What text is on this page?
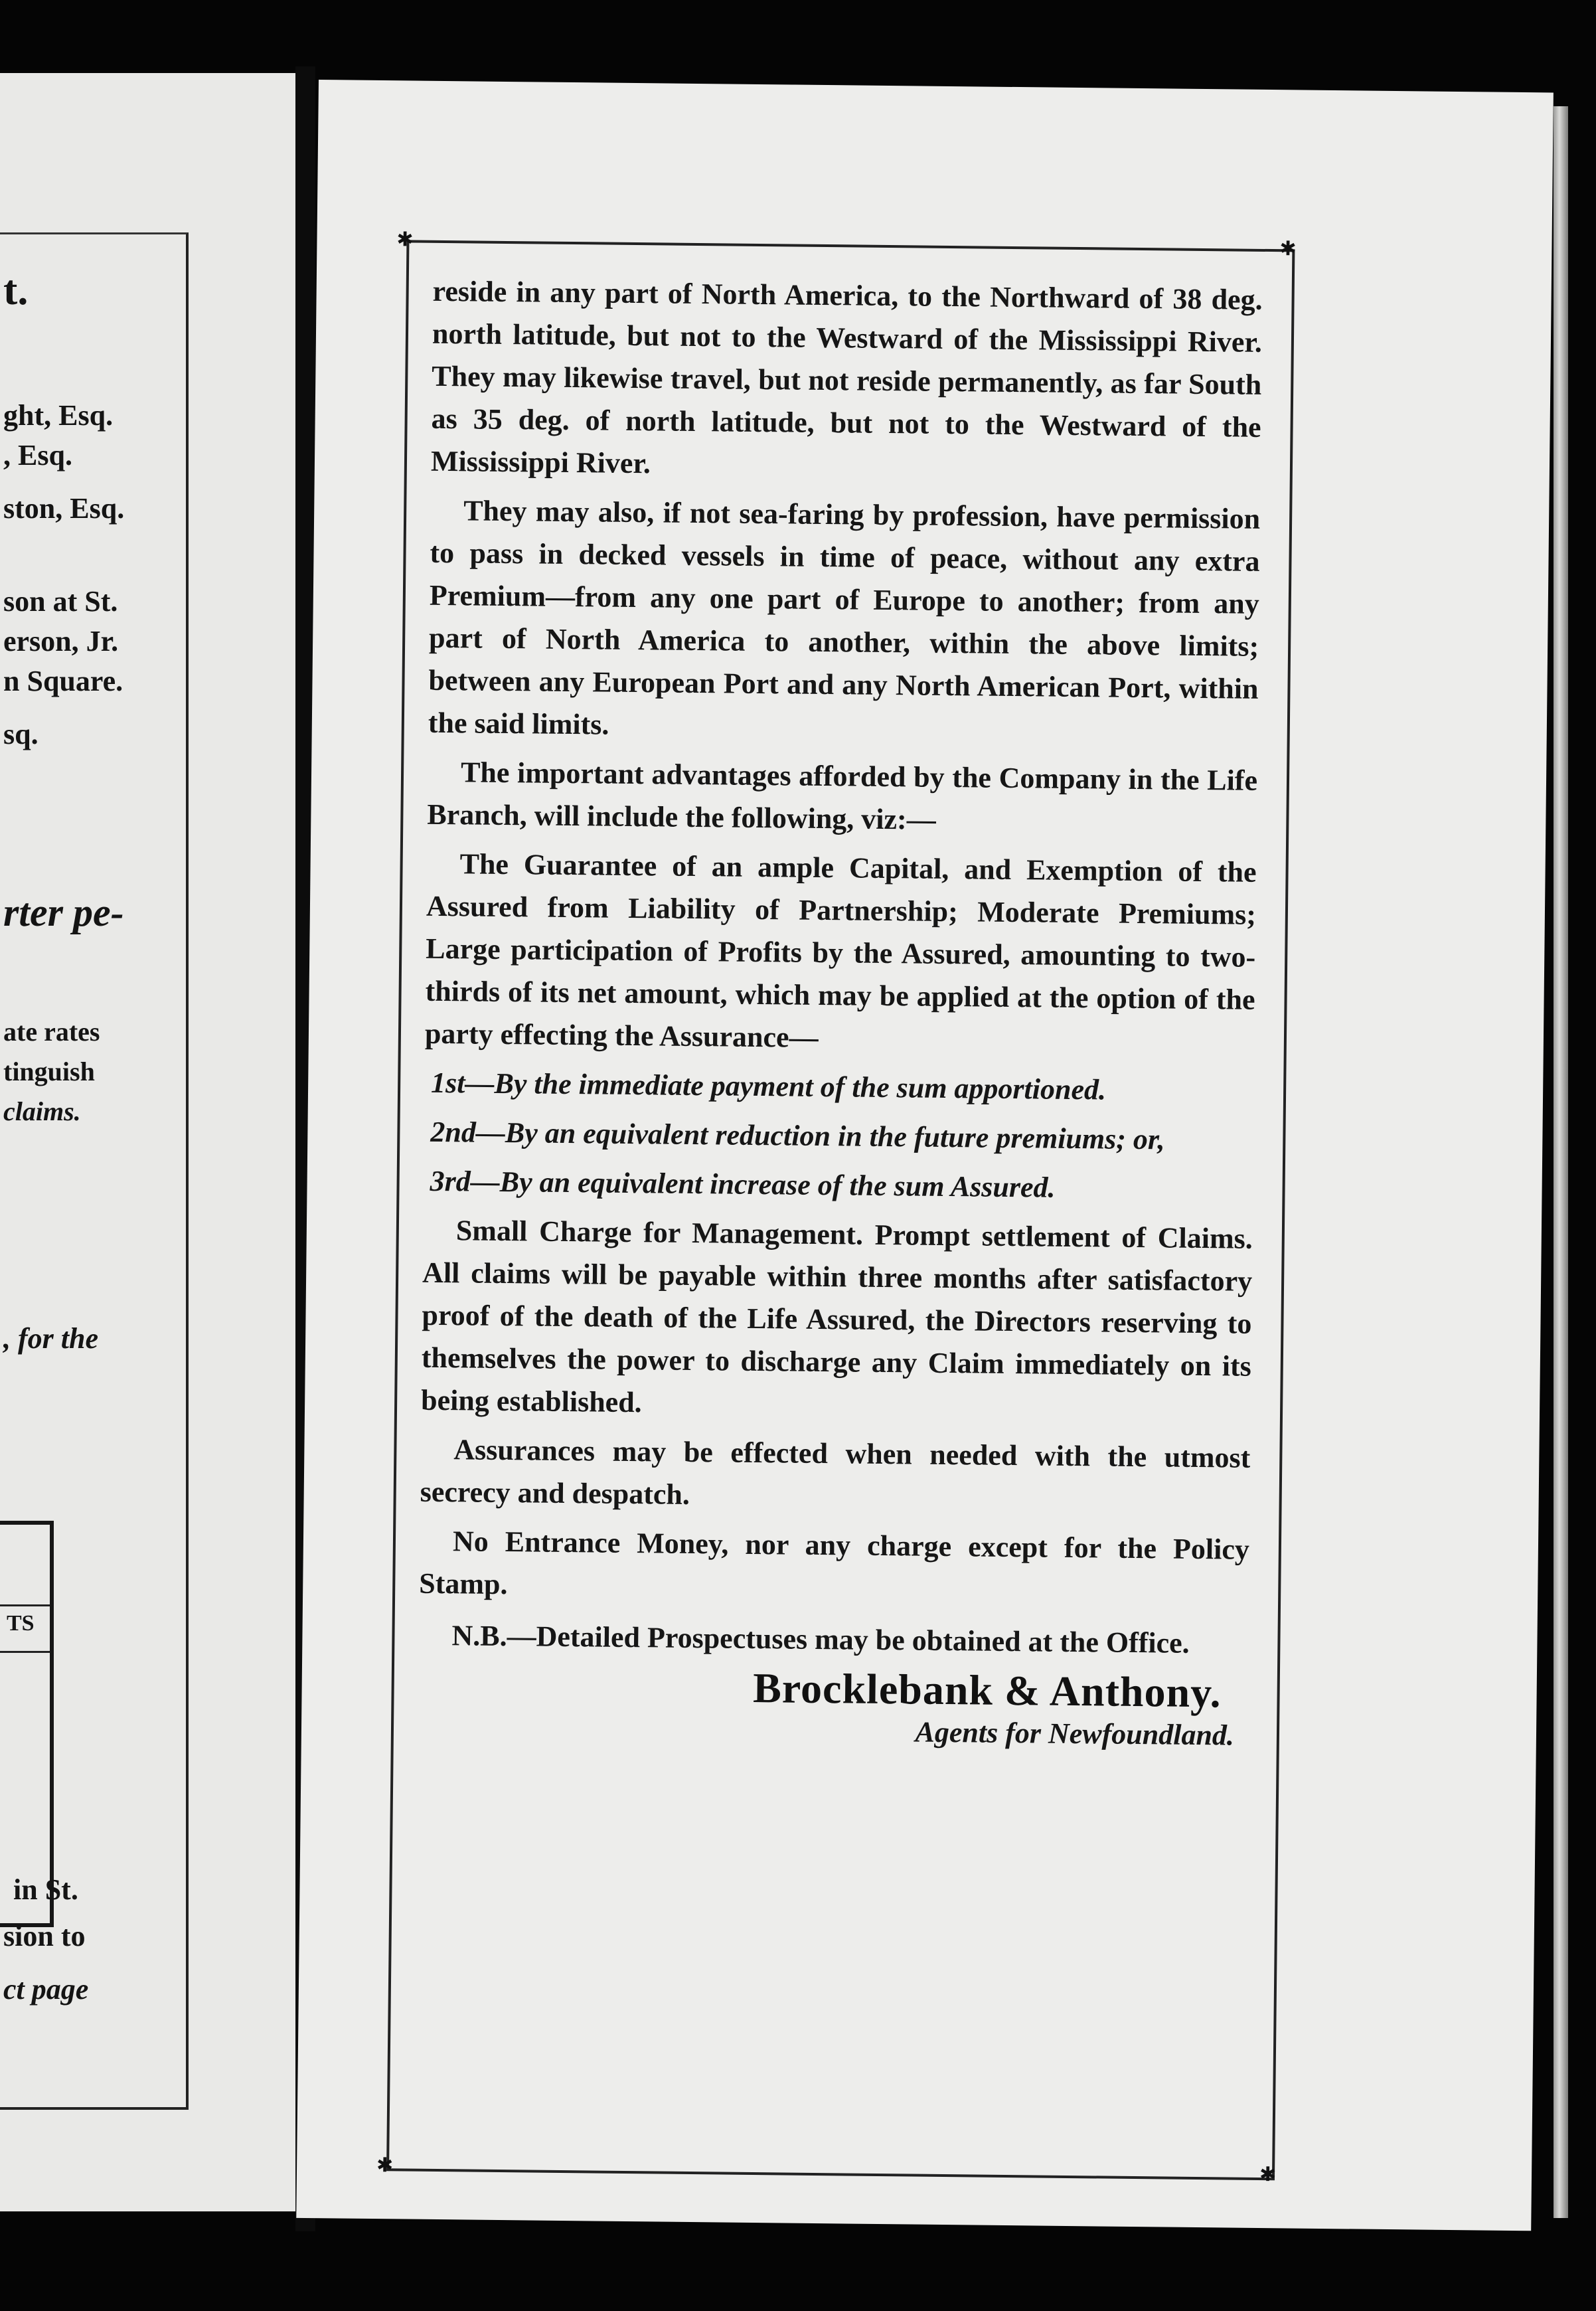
t.
ght, Esq.
, Esq.
ston, Esq.
son at St.
erson, Jr.
n Square.
sq.
rter pe-
ate rates
tinguish
claims.
, for the
TS
in St.
sion to
ct page
✱	✱
✱	✱

reside in any part of North America, to the Northward of 38 deg. north latitude, but not to the Westward of the Mississippi River. They may likewise travel, but not reside permanently, as far South as 35 deg. of north latitude, but not to the Westward of the Mississippi River.

They may also, if not sea-faring by profession, have permission to pass in decked vessels in time of peace, without any extra Premium—from any one part of Europe to another; from any part of North America to another, within the above limits; between any European Port and any North American Port, within the said limits.

The important advantages afforded by the Company in the Life Branch, will include the following, viz:—

The Guarantee of an ample Capital, and Exemption of the Assured from Liability of Partnership; Moderate Premiums; Large participation of Profits by the Assured, amounting to two-thirds of its net amount, which may be applied at the option of the party effecting the Assurance—

1st—By the immediate payment of the sum apportioned.

2nd—By an equivalent reduction in the future premiums; or,

3rd—By an equivalent increase of the sum Assured.

Small Charge for Management. Prompt settlement of Claims. All claims will be payable within three months after satisfactory proof of the death of the Life Assured, the Directors reserving to themselves the power to discharge any Claim immediately on its being established.

Assurances may be effected when needed with the utmost secrecy and despatch.

No Entrance Money, nor any charge except for the Policy Stamp.

N.B.—Detailed Prospectuses may be obtained at the Office.

Brocklebank & Anthony.
Agents for Newfoundland.
